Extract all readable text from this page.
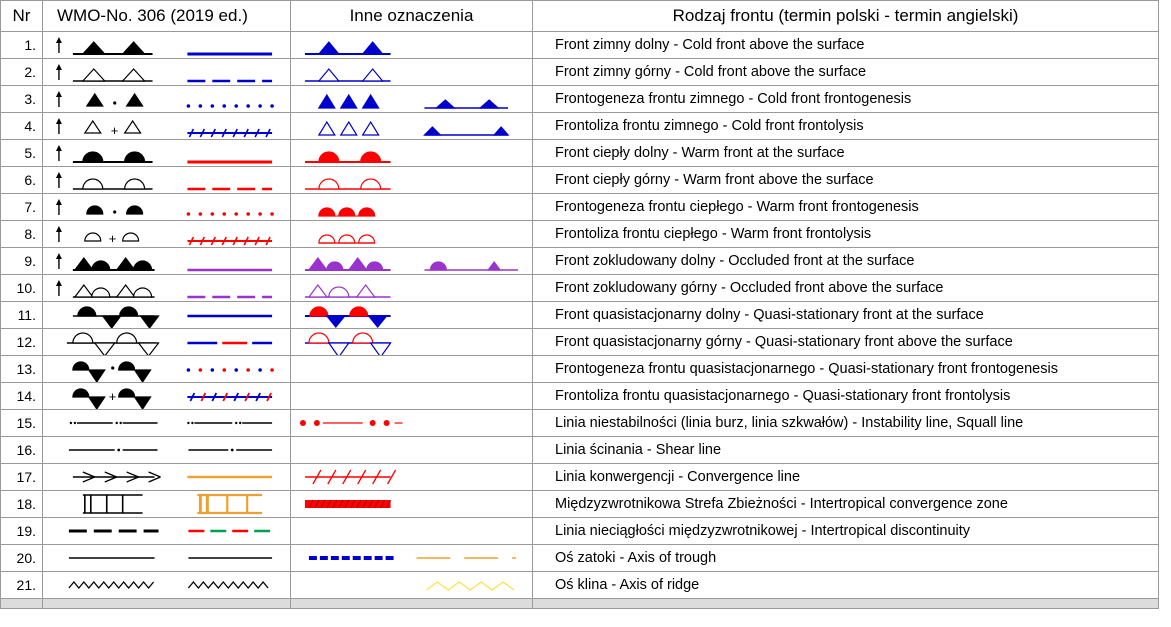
Nr	WMO-No. 306 (2019 ed.)	Inne oznaczenia	Rodzaj frontu (termin polski - termin angielski)
1.			Front zimny dolny - Cold front above the surface
2.			Front zimny górny - Cold front above the surface
3.			Frontogeneza frontu zimnego - Cold front frontogenesis
4.	+		Frontoliza frontu zimnego - Cold front frontolysis
5.			Front ciepły dolny - Warm front at the surface
6.			Front ciepły górny - Warm front above the surface
7.			Frontogeneza frontu ciepłego - Warm front frontogenesis
8.	+		Frontoliza frontu ciepłego - Warm front frontolysis
9.			Front zokludowany dolny - Occluded front at the surface
10.			Front zokludowany górny - Occluded front above the surface
11.			Front quasistacjonarny dolny - Quasi-stationary front at the surface
12.			Front quasistacjonarny górny - Quasi-stationary front above the surface
13.			Frontogeneza frontu quasistacjonarnego - Quasi-stationary front frontogenesis
14.	+		Frontoliza frontu quasistacjonarnego - Quasi-stationary front frontolysis
15.			Linia niestabilności (linia burz, linia szkwałów) - Instability line, Squall line
16.			Linia ścinania - Shear line
17.			Linia konwergencji - Convergence line
18.			Międzyzwrotnikowa Strefa Zbieżności - Intertropical convergence zone
19.			Linia nieciągłości międzyzwrotnikowej - Intertropical discontinuity
20.			Oś zatoki - Axis of trough
21.			Oś klina - Axis of ridge
